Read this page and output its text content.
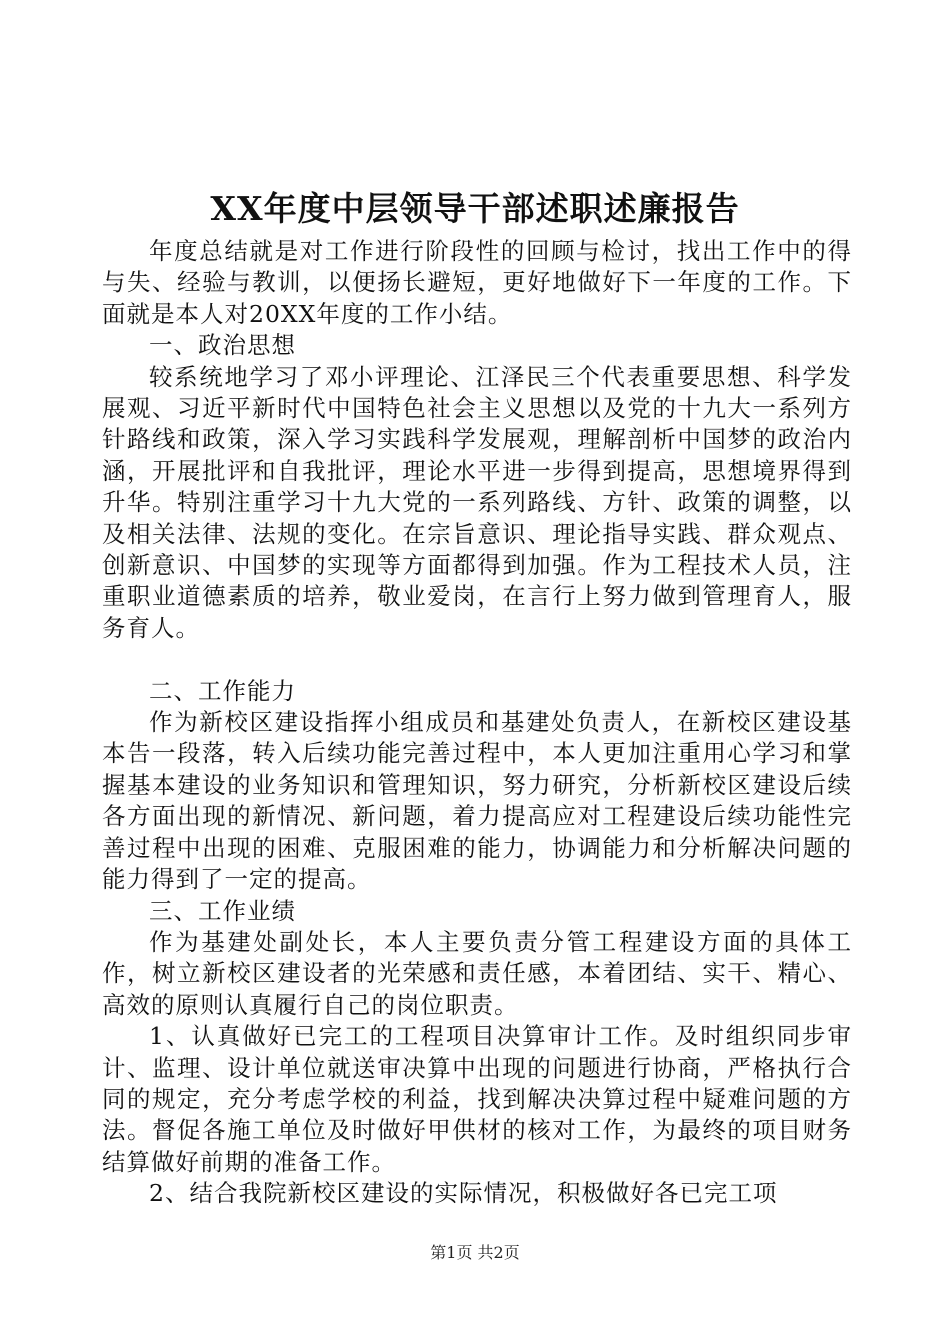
XX年度中层领导干部述职述廉报告

年度总结就是对工作进行阶段性的回顾与检讨，找出工作中的得与失、经验与教训，以便扬长避短，更好地做好下一年度的工作。下面就是本人对20XX年度的工作小结。

一、政治思想

较系统地学习了邓小评理论、江泽民三个代表重要思想、科学发展观、习近平新时代中国特色社会主义思想以及党的十九大一系列方针路线和政策，深入学习实践科学发展观，理解剖析中国梦的政治内涵，开展批评和自我批评，理论水平进一步得到提高，思想境界得到升华。特别注重学习十九大党的一系列路线、方针、政策的调整，以及相关法律、法规的变化。在宗旨意识、理论指导实践、群众观点、创新意识、中国梦的实现等方面都得到加强。作为工程技术人员，注重职业道德素质的培养，敬业爱岗，在言行上努力做到管理育人，服务育人。

二、工作能力

作为新校区建设指挥小组成员和基建处负责人，在新校区建设基本告一段落，转入后续功能完善过程中，本人更加注重用心学习和掌握基本建设的业务知识和管理知识，努力研究，分析新校区建设后续各方面出现的新情况、新问题，着力提高应对工程建设后续功能性完善过程中出现的困难、克服困难的能力，协调能力和分析解决问题的能力得到了一定的提高。

三、工作业绩

作为基建处副处长，本人主要负责分管工程建设方面的具体工作，树立新校区建设者的光荣感和责任感，本着团结、实干、精心、高效的原则认真履行自己的岗位职责。

1、认真做好已完工的工程项目决算审计工作。及时组织同步审计、监理、设计单位就送审决算中出现的问题进行协商，严格执行合同的规定，充分考虑学校的利益，找到解决决算过程中疑难问题的方法。督促各施工单位及时做好甲供材的核对工作，为最终的项目财务结算做好前期的准备工作。

2、结合我院新校区建设的实际情况，积极做好各已完工项

第1页 共2页
